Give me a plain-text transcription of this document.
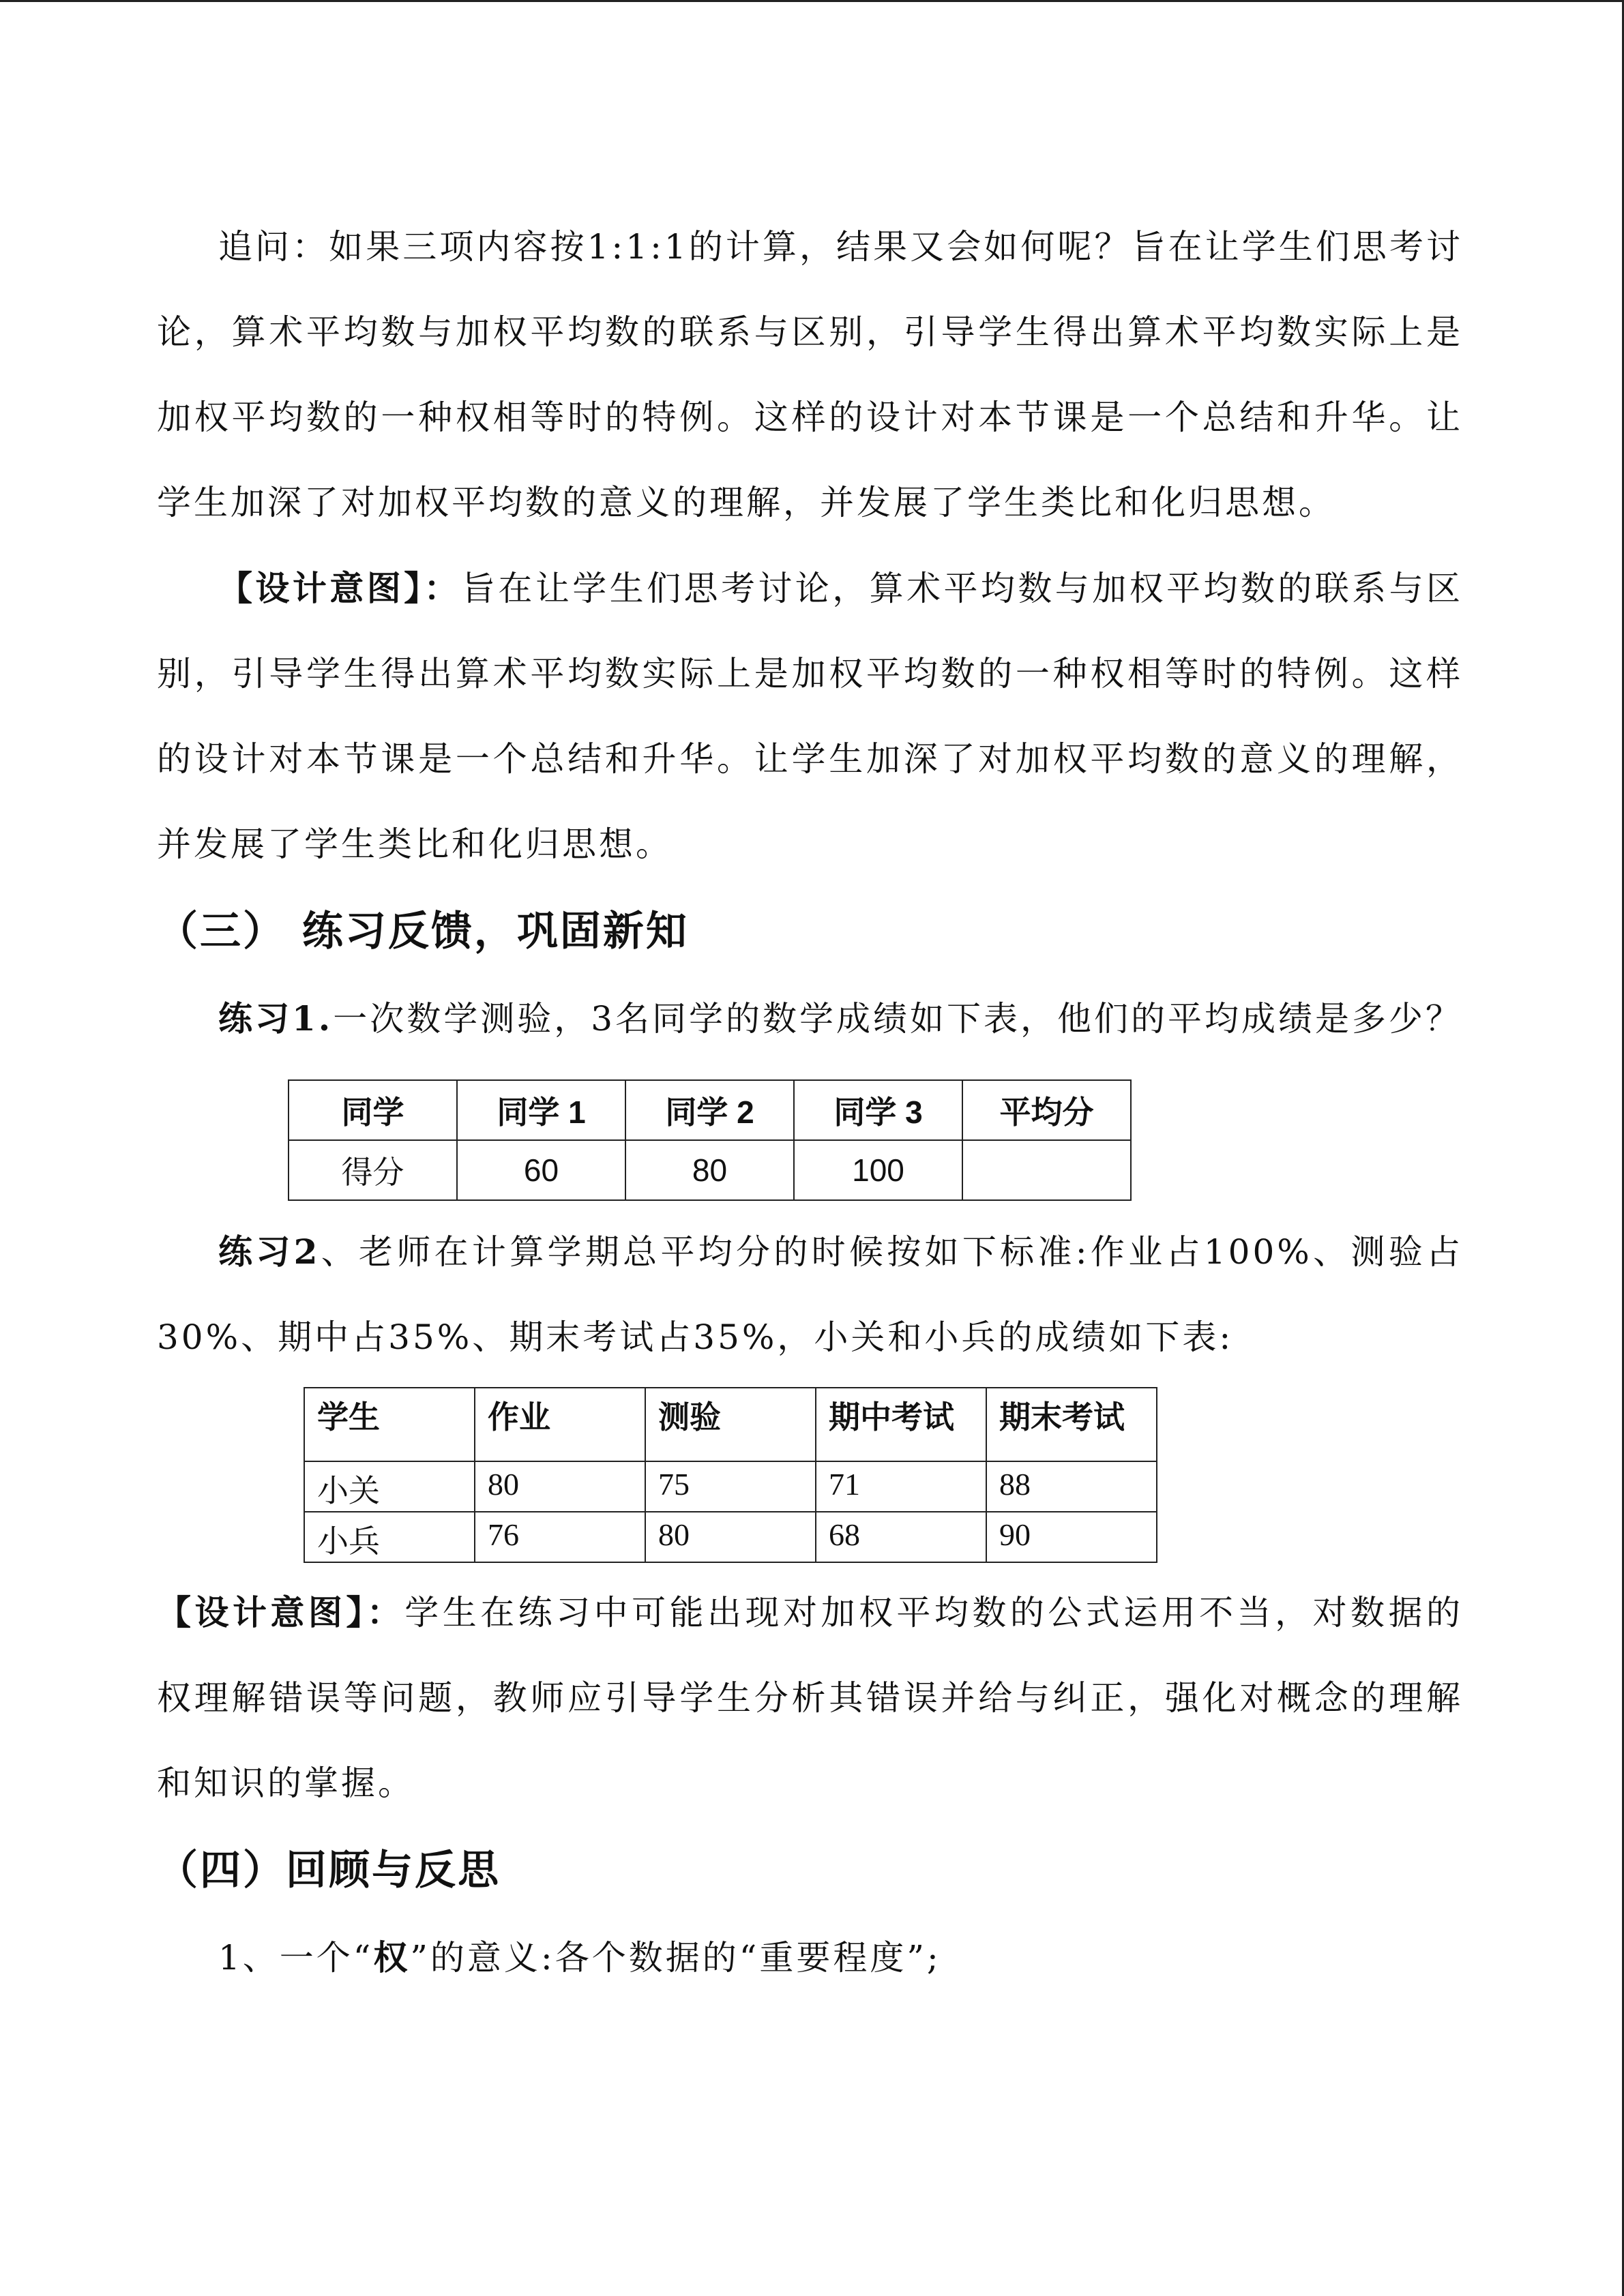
追问：如果三项内容按1:1:1的计算，结果又会如何呢？旨在让学生们思考讨论，算术平均数与加权平均数的联系与区别，引导学生得出算术平均数实际上是加权平均数的一种权相等时的特例。这样的设计对本节课是一个总结和升华。让学生加深了对加权平均数的意义的理解，并发展了学生类比和化归思想。

【设计意图】：旨在让学生们思考讨论，算术平均数与加权平均数的联系与区别，引导学生得出算术平均数实际上是加权平均数的一种权相等时的特例。这样的设计对本节课是一个总结和升华。让学生加深了对加权平均数的意义的理解，并发展了学生类比和化归思想。

（三） 练习反馈，巩固新知

练习1.一次数学测验，3名同学的数学成绩如下表，他们的平均成绩是多少？

同学	同学 1	同学 2	同学 3	平均分
得分	60	80	100	

练习2、老师在计算学期总平均分的时候按如下标准:作业占100%、测验占30%、期中占35%、期末考试占35%，小关和小兵的成绩如下表:

学生	作业	测验	期中考试	期末考试
小关	80	75	71	88
小兵	76	80	68	90

【设计意图】：学生在练习中可能出现对加权平均数的公式运用不当，对数据的权理解错误等问题，教师应引导学生分析其错误并给与纠正，强化对概念的理解和知识的掌握。

（四）回顾与反思

1、一个“权”的意义:各个数据的“重要程度”;
